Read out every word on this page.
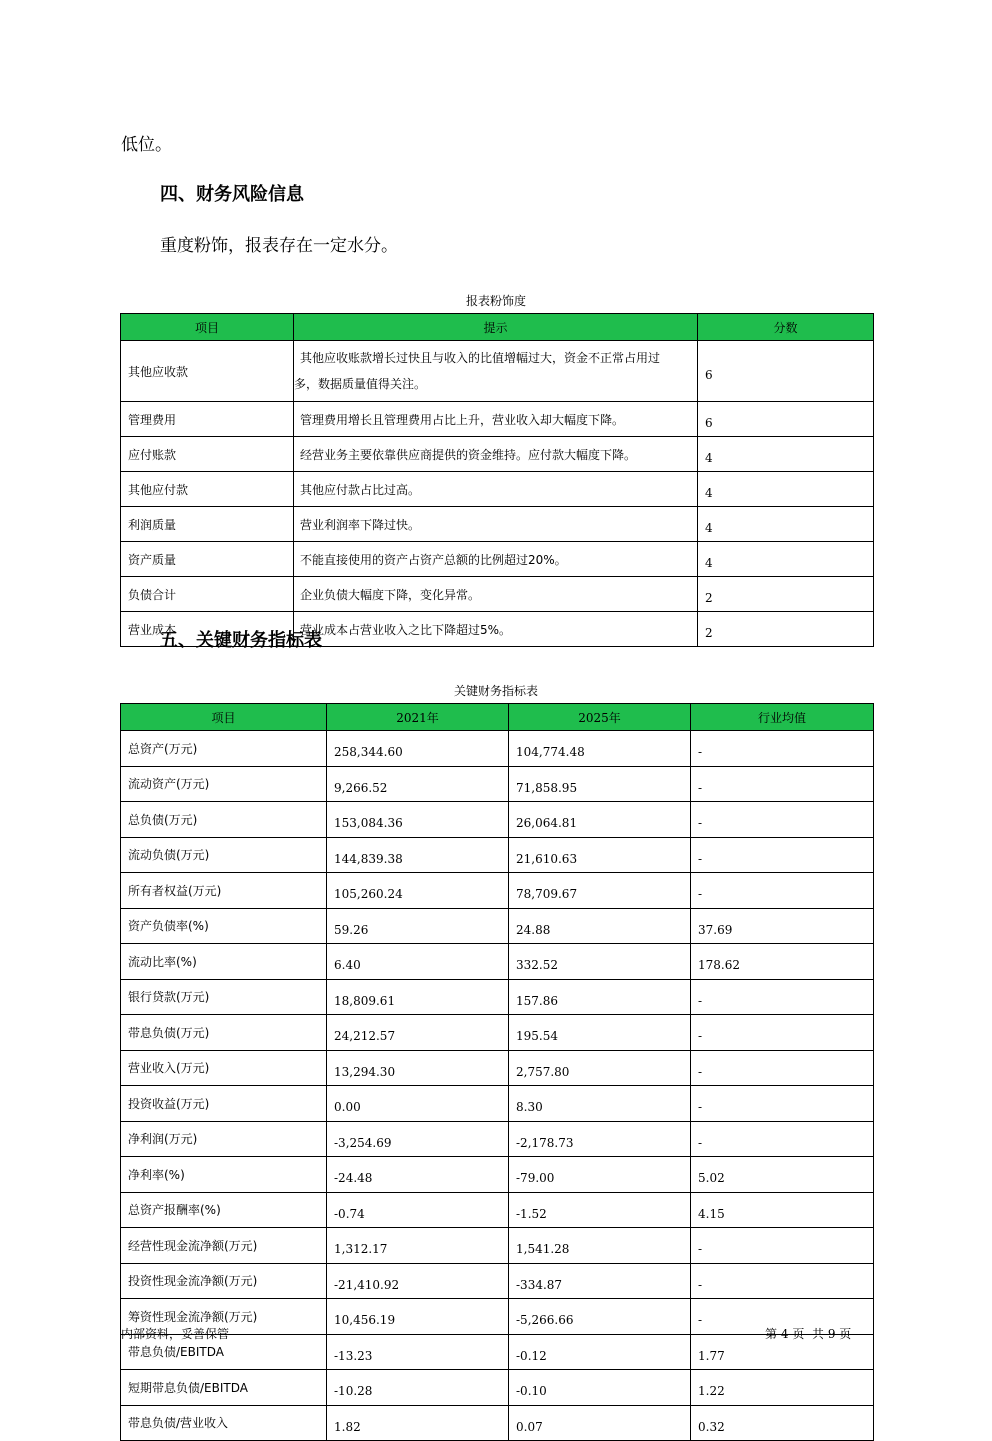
低位。
四、财务风险信息
重度粉饰，报表存在一定水分。
报表粉饰度
项目	提示	分数
其他应收款	其他应收账款增长过快且与收入的比值增幅过大，资金不正常占用过
多，数据质量值得关注。	6
管理费用	管理费用增长且管理费用占比上升，营业收入却大幅度下降。	6
应付账款	经营业务主要依靠供应商提供的资金维持。应付款大幅度下降。	4
其他应付款	其他应付款占比过高。	4
利润质量	营业利润率下降过快。	4
资产质量	不能直接使用的资产占资产总额的比例超过20%。	4
负债合计	企业负债大幅度下降，变化异常。	2
营业成本	营业成本占营业收入之比下降超过5%。	2
五、关键财务指标表
关键财务指标表
项目	2021年	2025年	行业均值
总资产(万元)	258,344.60	104,774.48	-
流动资产(万元)	9,266.52	71,858.95	-
总负债(万元)	153,084.36	26,064.81	-
流动负债(万元)	144,839.38	21,610.63	-
所有者权益(万元)	105,260.24	78,709.67	-
资产负债率(%)	59.26	24.88	37.69
流动比率(%)	6.40	332.52	178.62
银行贷款(万元)	18,809.61	157.86	-
带息负债(万元)	24,212.57	195.54	-
营业收入(万元)	13,294.30	2,757.80	-
投资收益(万元)	0.00	8.30	-
净利润(万元)	-3,254.69	-2,178.73	-
净利率(%)	-24.48	-79.00	5.02
总资产报酬率(%)	-0.74	-1.52	4.15
经营性现金流净额(万元)	1,312.17	1,541.28	-
投资性现金流净额(万元)	-21,410.92	-334.87	-
筹资性现金流净额(万元)	10,456.19	-5,266.66	-
带息负债/EBITDA	-13.23	-0.12	1.77
短期带息负债/EBITDA	-10.28	-0.10	1.22
带息负债/营业收入	1.82	0.07	0.32
内部资料，妥善保管	第 4 页 共 9 页
